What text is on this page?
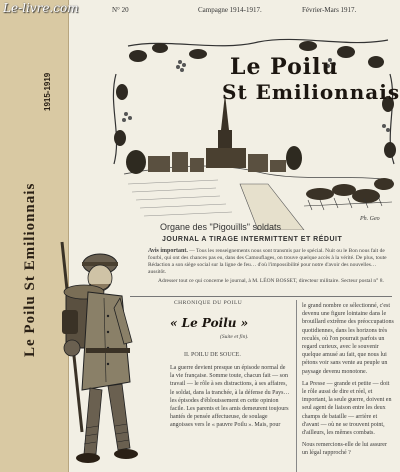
Le-livre.com
1915-1919
Le Poilu St Emilionnais
N° 20	Campagne 1914-1917.	Février-Mars 1917.
Ph. Geo
Le Poilu
St Emilionnais
Organe des "Pigouïlls" soldats
JOURNAL A TIRAGE INTERMITTENT ET RÉDUIT
Avis important. — Tous les renseignements nous sont transmis par le spécial. Nuit ou le Bon nous fait de fourbi, qui ont des chances pas eu, dans des Camouflages, on trouve quelque accès à la vérité. De plus, toute Rédaction a son siège social sur la ligne de feu… d'où l'impossibilité pour notre d'avoir des nouvelles… aussitôt.
Adresser tout ce qui concerne le journal, à M. LÉON BOSSET, directeur militaire. Secteur postal n° 8.
CHRONIQUE DU POILU
« Le Poilu »
(Suite et fin).
II. POILU DE SOUCE.

La guerre devient presque un épisode normal de la vie française. Somme toute, chacun fait — son travail — le rôle à ses distractions, à ses affaires, le soldat, dans la tranchée, à la défense du Pays… les épisodes d'éblouissement en cette opinion facile. Les parents et les amis demeurent toujours hantés de pensée affectueuse, de soulage angoisses vers le « pauvre Poilu ». Mais, pour

le grand nombre ce sélectionné, c'est devenu une figure lointaine dans le brouillard extrême des préoccupations quotidiennes, dans les horizons très reculés, où l'on pourrait parfois un regard curieux, avec le souvenir quelque amusé au fait, que nous lui pétons voir sans vente au peuple un paysage devenu monotone.

La Presse — grande et petite — doit le rôle aussi de dire et réel, et important, la seule guerre, doivent en seul agent de liaison entre les deux champs de bataille — arrière et d'avant — où ne se trouvent point, d'ailleurs, les mêmes combats.

Nous remercions-elle de lui assurer un légal rapproché ?
